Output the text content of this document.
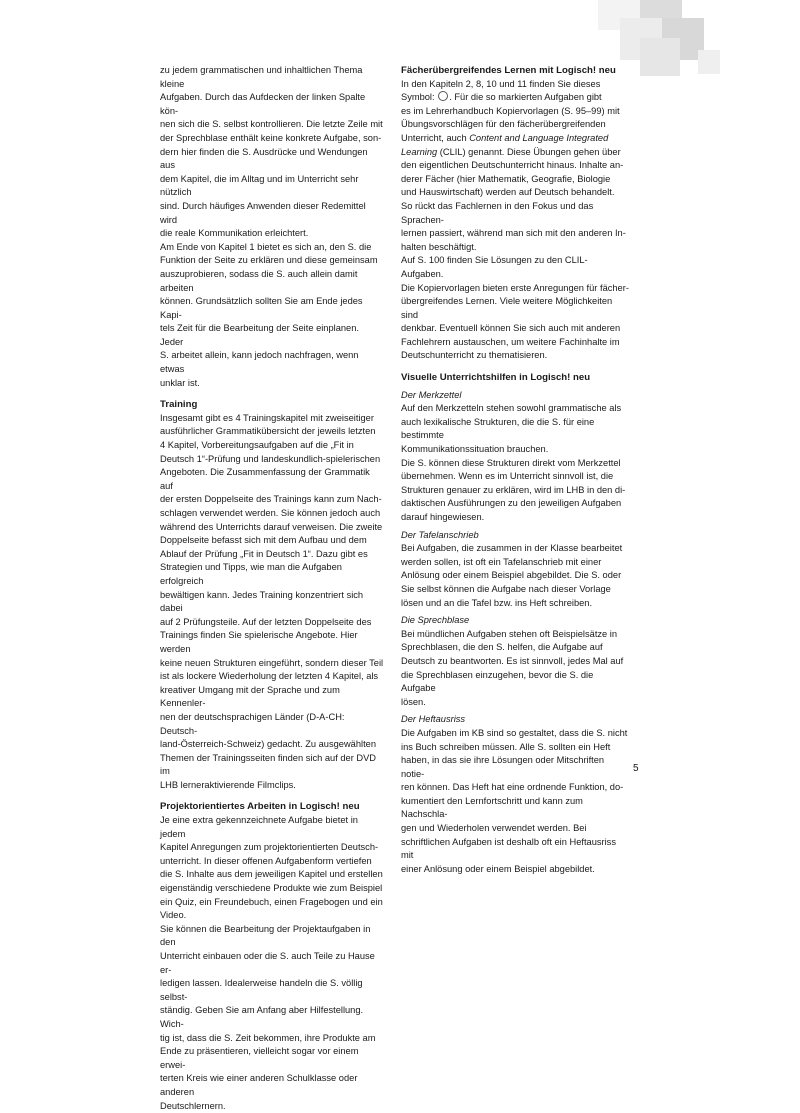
zu jedem grammatischen und inhaltlichen Thema kleine
Aufgaben. Durch das Aufdecken der linken Spalte kön-
nen sich die S. selbst kontrollieren. Die letzte Zeile mit
der Sprechblase enthält keine konkrete Aufgabe, son-
dern hier finden die S. Ausdrücke und Wendungen aus
dem Kapitel, die im Alltag und im Unterricht sehr nützlich
sind. Durch häufiges Anwenden dieser Redemittel wird
die reale Kommunikation erleichtert.

Am Ende von Kapitel 1 bietet es sich an, den S. die
Funktion der Seite zu erklären und diese gemeinsam
auszuprobieren, sodass die S. auch allein damit arbeiten
können. Grundsätzlich sollten Sie am Ende jedes Kapi-
tels Zeit für die Bearbeitung der Seite einplanen. Jeder
S. arbeitet allein, kann jedoch nachfragen, wenn etwas
unklar ist.

Training

Insgesamt gibt es 4 Trainingskapitel mit zweiseitiger
ausführlicher Grammatikübersicht der jeweils letzten
4 Kapitel, Vorbereitungsaufgaben auf die „Fit in
Deutsch 1“-Prüfung und landeskundlich-spielerischen
Angeboten. Die Zusammenfassung der Grammatik auf
der ersten Doppelseite des Trainings kann zum Nach-
schlagen verwendet werden. Sie können jedoch auch
während des Unterrichts darauf verweisen. Die zweite
Doppelseite befasst sich mit dem Aufbau und dem
Ablauf der Prüfung „Fit in Deutsch 1“. Dazu gibt es
Strategien und Tipps, wie man die Aufgaben erfolgreich
bewältigen kann. Jedes Training konzentriert sich dabei
auf 2 Prüfungsteile. Auf der letzten Doppelseite des
Trainings finden Sie spielerische Angebote. Hier werden
keine neuen Strukturen eingeführt, sondern dieser Teil
ist als lockere Wiederholung der letzten 4 Kapitel, als
kreativer Umgang mit der Sprache und zum Kennenler-
nen der deutschsprachigen Länder (D-A-CH: Deutsch-
land-Österreich-Schweiz) gedacht. Zu ausgewählten
Themen der Trainingsseiten finden sich auf der DVD im
LHB lerneraktivierende Filmclips.

Projektorientiertes Arbeiten in Logisch! neu

Je eine extra gekennzeichnete Aufgabe bietet in jedem
Kapitel Anregungen zum projektorientierten Deutsch-
unterricht. In dieser offenen Aufgabenform vertiefen
die S. Inhalte aus dem jeweiligen Kapitel und erstellen
eigenständig verschiedene Produkte wie zum Beispiel
ein Quiz, ein Freundebuch, einen Fragebogen und ein
Video.

Sie können die Bearbeitung der Projektaufgaben in den
Unterricht einbauen oder die S. auch Teile zu Hause er-
ledigen lassen. Idealerweise handeln die S. völlig selbst-
ständig. Geben Sie am Anfang aber Hilfestellung. Wich-
tig ist, dass die S. Zeit bekommen, ihre Produkte am
Ende zu präsentieren, vielleicht sogar vor einem erwei-
terten Kreis wie einer anderen Schulklasse oder anderen
Deutschlernern.

Fächerübergreifendes Lernen mit Logisch! neu

In den Kapiteln 2, 8, 10 und 11 finden Sie dieses
Symbol: . Für die so markierten Aufgaben gibt
es im Lehrerhandbuch Kopiervorlagen (S. 95–99) mit
Übungsvorschlägen für den fächerübergreifenden
Unterricht, auch Content and Language Integrated
Learning (CLIL) genannt. Diese Übungen gehen über
den eigentlichen Deutschunterricht hinaus. Inhalte an-
derer Fächer (hier Mathematik, Geografie, Biologie
und Hauswirtschaft) werden auf Deutsch behandelt.
So rückt das Fachlernen in den Fokus und das Sprachen-
lernen passiert, während man sich mit den anderen In-
halten beschäftigt.

Auf S. 100 finden Sie Lösungen zu den CLIL-Aufgaben.
Die Kopiervorlagen bieten erste Anregungen für fächer-
übergreifendes Lernen. Viele weitere Möglichkeiten sind
denkbar. Eventuell können Sie sich auch mit anderen
Fachlehrern austauschen, um weitere Fachinhalte im
Deutschunterricht zu thematisieren.

Visuelle Unterrichtshilfen in Logisch! neu
Der Merkzettel

Auf den Merkzetteln stehen sowohl grammatische als
auch lexikalische Strukturen, die die S. für eine bestimmte
Kommunikationssituation brauchen.

Die S. können diese Strukturen direkt vom Merkzettel
übernehmen. Wenn es im Unterricht sinnvoll ist, die
Strukturen genauer zu erklären, wird im LHB in den di-
daktischen Ausführungen zu den jeweiligen Aufgaben
darauf hingewiesen.

Der Tafelanschrieb

Bei Aufgaben, die zusammen in der Klasse bearbeitet
werden sollen, ist oft ein Tafelanschrieb mit einer
Anlösung oder einem Beispiel abgebildet. Die S. oder
Sie selbst können die Aufgabe nach dieser Vorlage
lösen und an die Tafel bzw. ins Heft schreiben.

Die Sprechblase

Bei mündlichen Aufgaben stehen oft Beispielsätze in
Sprechblasen, die den S. helfen, die Aufgabe auf
Deutsch zu beantworten. Es ist sinnvoll, jedes Mal auf
die Sprechblasen einzugehen, bevor die S. die Aufgabe
lösen.

Der Heftausriss

Die Aufgaben im KB sind so gestaltet, dass die S. nicht
ins Buch schreiben müssen. Alle S. sollten ein Heft
haben, in das sie ihre Lösungen oder Mitschriften notie-
ren können. Das Heft hat eine ordnende Funktion, do-
kumentiert den Lernfortschritt und kann zum Nachschla-
gen und Wiederholen verwendet werden. Bei
schriftlichen Aufgaben ist deshalb oft ein Heftausriss mit
einer Anlösung oder einem Beispiel abgebildet.

5
